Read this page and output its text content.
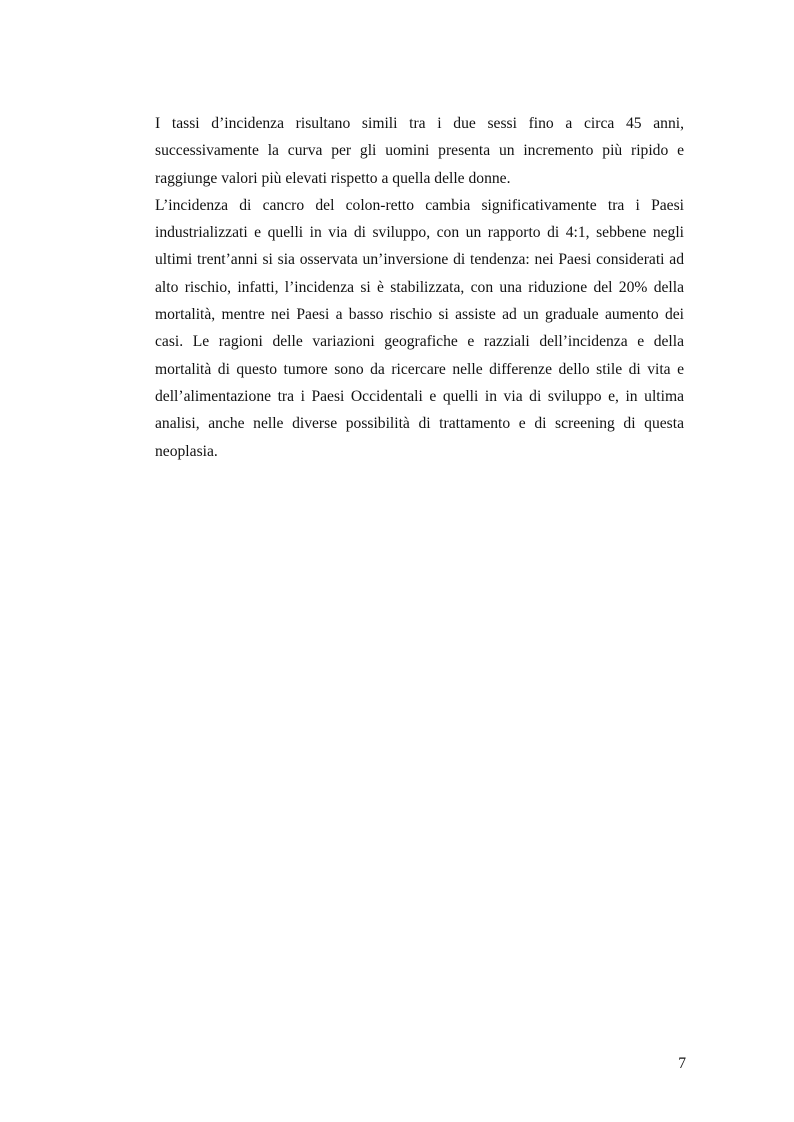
I tassi d’incidenza risultano simili tra i due sessi fino a circa 45 anni, successivamente la curva per gli uomini presenta un incremento più ripido e raggiunge valori più elevati rispetto a quella delle donne.

L’incidenza di cancro del colon-retto cambia significativamente tra i Paesi industrializzati e quelli in via di sviluppo, con un rapporto di 4:1, sebbene negli ultimi trent’anni si sia osservata un’inversione di tendenza: nei Paesi considerati ad alto rischio, infatti, l’incidenza si è stabilizzata, con una riduzione del 20% della mortalità, mentre nei Paesi a basso rischio si assiste ad un graduale aumento dei casi. Le ragioni delle variazioni geografiche e razziali dell’incidenza e della mortalità di questo tumore sono da ricercare nelle differenze dello stile di vita e dell’alimentazione tra i Paesi Occidentali e quelli in via di sviluppo e, in ultima analisi, anche nelle diverse possibilità di trattamento e di screening di questa neoplasia.

7
